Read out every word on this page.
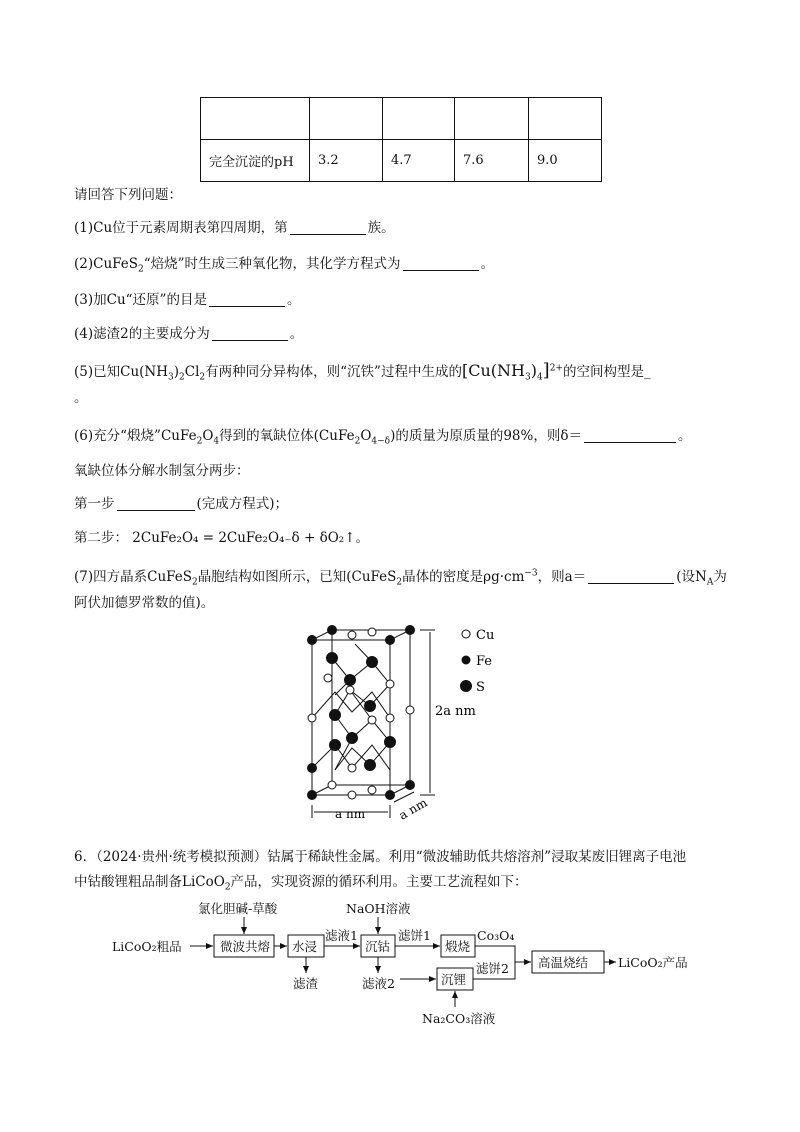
完全沉淀的pH	3.2	4.7	7.6	9.0
请回答下列问题：
(1)Cu位于元素周期表第四周期，第	族。
(2)CuFeS$_2$“焙烧”时生成三种氧化物，其化学方程式为	。
(3)加Cu“还原”的目是	。
(4)滤渣2的主要成分为	。
(5)已知$Cu(NH_3)_2Cl_2$有两种同分异构体，则“沉铁”过程中生成的$[Cu(NH_3)_4]^{2+}$的空间构型是_
。
(6)充分“煅烧$”CuFe_2O_4$得到的氧缺位体$(CuFe_2O_{4-\delta})$的质量为原质量的98%，则δ＝	。
氧缺位体分解水制氢分两步：
第一步	(完成方程式)；
第二步： 2CuFe₂O₄ = 2CuFe₂O₄₋δ + δO₂↑。
(7)四方晶系CuFeS$_2$晶胞结构如图所示，已知(CuFeS$_2$晶体的密度是$\rho g\cdot cm^{-3}$，则a＝	(设$N_A$为
阿伏加德罗常数的值)。
Cu
Fe
S
2a nm
a nm	a nm
6．（2024·贵州·统考模拟预测）钴属于稀缺性金属。利用“微波辅助低共熔溶剂”浸取某废旧锂离子电池
中钴酸锂粗品制备LiCoO$_2$产品，实现资源的循环利用。主要工艺流程如下：
氯化胆碱-草酸	NaOH溶液
LiCoO₂粗品	微波共熔 水浸
滤液1
沉钴
滤饼1
煅烧
Co₃O₄
滤渣	滤液2	沉锂
滤饼2 高温烧结 LiCoO₂产品
Na₂CO₃溶液
